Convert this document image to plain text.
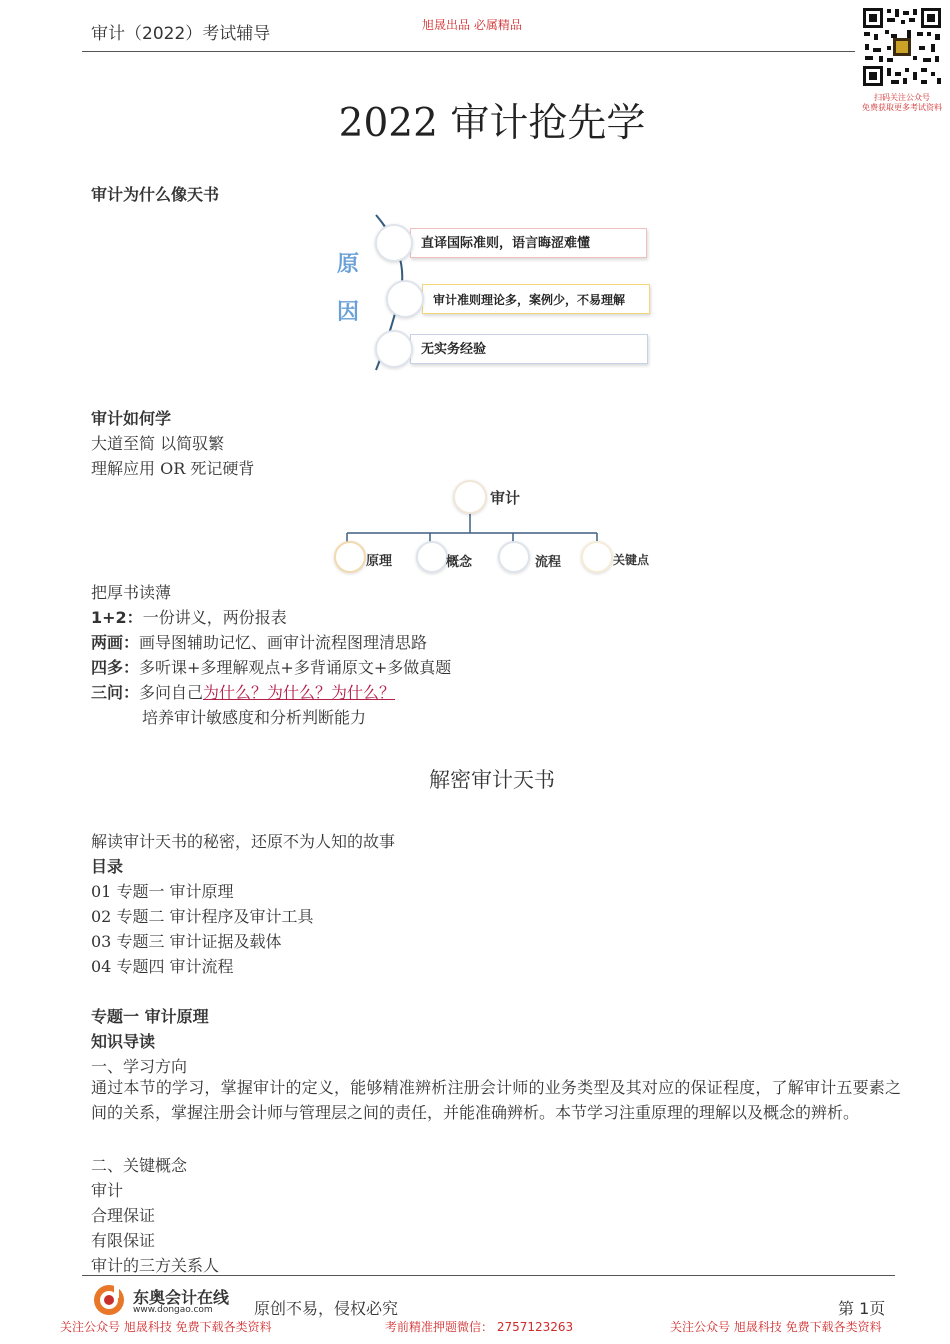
审计（2022）考试辅导	旭晟出品 必属精品
扫码关注公众号
免费获取更多考试资料
2022 审计抢先学
审计为什么像天书
原
因
直译国际准则，语言晦涩难懂
审计准则理论多，案例少，不易理解
无实务经验
审计如何学
大道至简 以简驭繁
理解应用 OR 死记硬背
审计
原理	概念	流程	关键点
把厚书读薄
1+2：一份讲义，两份报表
两画：画导图辅助记忆、画审计流程图理清思路
四多：多听课+多理解观点+多背诵原文+多做真题
三问：多问自己为什么？为什么？为什么？
培养审计敏感度和分析判断能力
解密审计天书
解读审计天书的秘密，还原不为人知的故事
目录
01 专题一 审计原理
02 专题二 审计程序及审计工具
03 专题三 审计证据及载体
04 专题四 审计流程
专题一 审计原理
知识导读
一、学习方向
通过本节的学习，掌握审计的定义，能够精准辨析注册会计师的业务类型及其对应的保证程度，了解审计五要素之间的关系，掌握注册会计师与管理层之间的责任，并能准确辨析。本节学习注重原理的理解以及概念的辨析。
二、关键概念
审计
合理保证
有限保证
审计的三方关系人
东奥会计在线
www.dongao.com	原创不易，侵权必究	第 1页
关注公众号 旭晟科技 免费下载各类资料	考前精准押题微信： 2757123263	关注公众号 旭晟科技 免费下载各类资料
